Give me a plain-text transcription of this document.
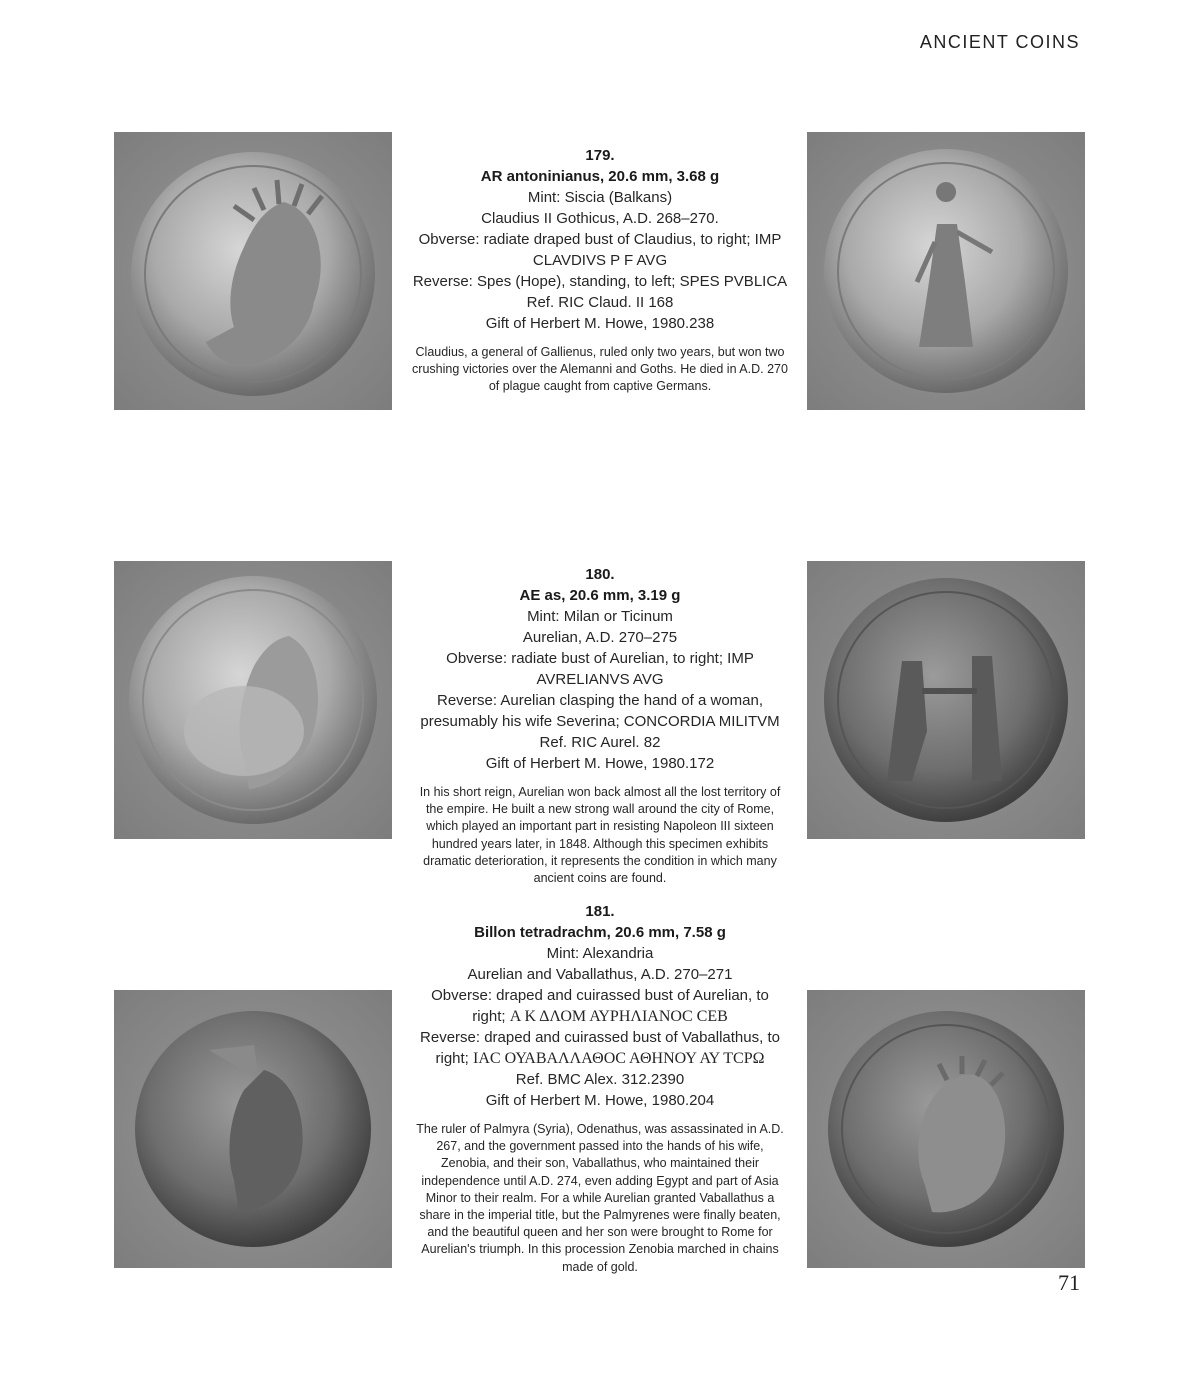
ANCIENT COINS
179.
AR antoninianus, 20.6 mm, 3.68 g
Mint: Siscia (Balkans)
Claudius II Gothicus, A.D. 268–270.
Obverse: radiate draped bust of Claudius, to right; IMP CLAVDIVS P F AVG
Reverse: Spes (Hope), standing, to left; SPES PVBLICA
Ref. RIC Claud. II 168
Gift of Herbert M. Howe, 1980.238
Claudius, a general of Gallienus, ruled only two years, but won two crushing victories over the Alemanni and Goths. He died in A.D. 270 of plague caught from captive Germans.
180.
AE as, 20.6 mm, 3.19 g
Mint: Milan or Ticinum
Aurelian, A.D. 270–275
Obverse: radiate bust of Aurelian, to right; IMP AVRELIANVS AVG
Reverse: Aurelian clasping the hand of a woman, presumably his wife Severina; CONCORDIA MILITVM
Ref. RIC Aurel. 82
Gift of Herbert M. Howe, 1980.172
In his short reign, Aurelian won back almost all the lost territory of the empire. He built a new strong wall around the city of Rome, which played an important part in resisting Napoleon III sixteen hundred years later, in 1848. Although this specimen exhibits dramatic deterioration, it represents the condition in which many ancient coins are found.
181.
Billon tetradrachm, 20.6 mm, 7.58 g
Mint: Alexandria
Aurelian and Vaballathus, A.D. 270–271
Obverse: draped and cuirassed bust of Aurelian, to
right; Α Κ ΔΛΟΜ ΑΥΡΗΛΙΑΝΟϹ ϹΕΒ
Reverse: draped and cuirassed bust of Vaballathus, to
right; ΙΑϹ ΟΥΑΒΑΛΛΑΘΟϹ ΑΘΗΝΟΥ ΑΥ ΤϹΡΩ
Ref. BMC Alex. 312.2390
Gift of Herbert M. Howe, 1980.204
The ruler of Palmyra (Syria), Odenathus, was assassinated in A.D. 267, and the government passed into the hands of his wife, Zenobia, and their son, Vaballathus, who maintained their independence until A.D. 274, even adding Egypt and part of Asia Minor to their realm. For a while Aurelian granted Vaballathus a share in the imperial title, but the Palmyrenes were finally beaten, and the beautiful queen and her son were brought to Rome for Aurelian's triumph. In this procession Zenobia marched in chains made of gold.
71
